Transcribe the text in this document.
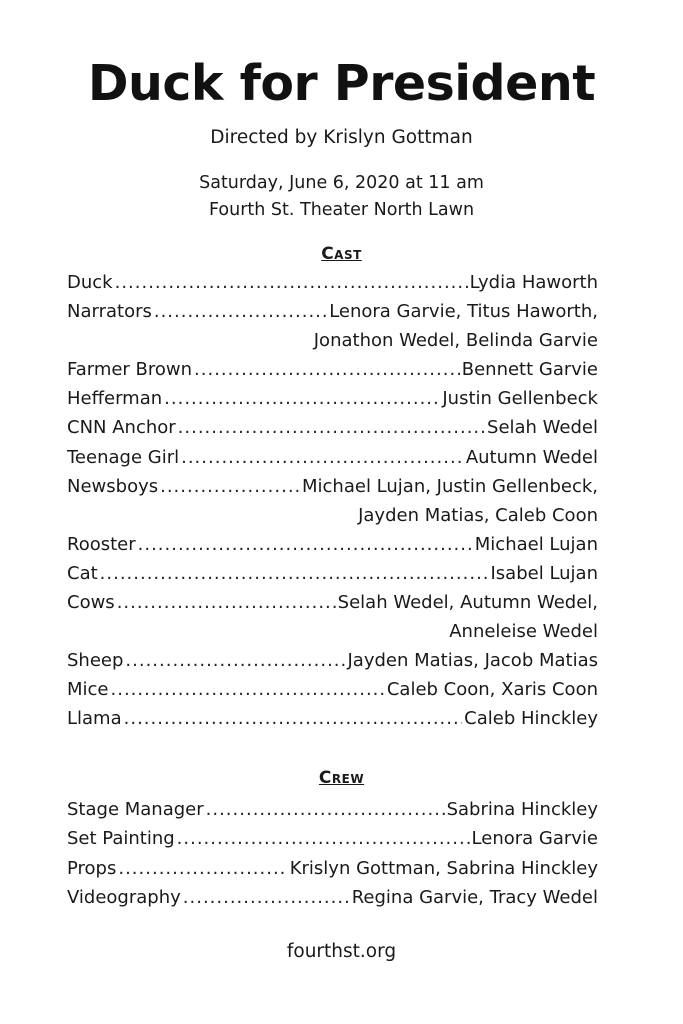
Duck for President
Directed by Krislyn Gottman
Saturday, June 6, 2020 at 11 am
Fourth St. Theater North Lawn
Cast
Duck .....	Lydia Haworth
Narrators .....	Lenora Garvie, Titus Haworth,
Jonathon Wedel, Belinda Garvie
Farmer Brown .....	Bennett Garvie
Hefferman .....	Justin Gellenbeck
CNN Anchor .....	Selah Wedel
Teenage Girl .....	Autumn Wedel
Newsboys .....	Michael Lujan, Justin Gellenbeck,
Jayden Matias, Caleb Coon
Rooster .....	Michael Lujan
Cat .....	Isabel Lujan
Cows .....	Selah Wedel, Autumn Wedel,
Anneleise Wedel
Sheep .....	Jayden Matias, Jacob Matias
Mice .....	Caleb Coon, Xaris Coon
Llama .....	Caleb Hinckley
Crew
Stage Manager .....	Sabrina Hinckley
Set Painting .....	Lenora Garvie
Props .....	Krislyn Gottman, Sabrina Hinckley
Videography .....	Regina Garvie, Tracy Wedel
fourthst.org
